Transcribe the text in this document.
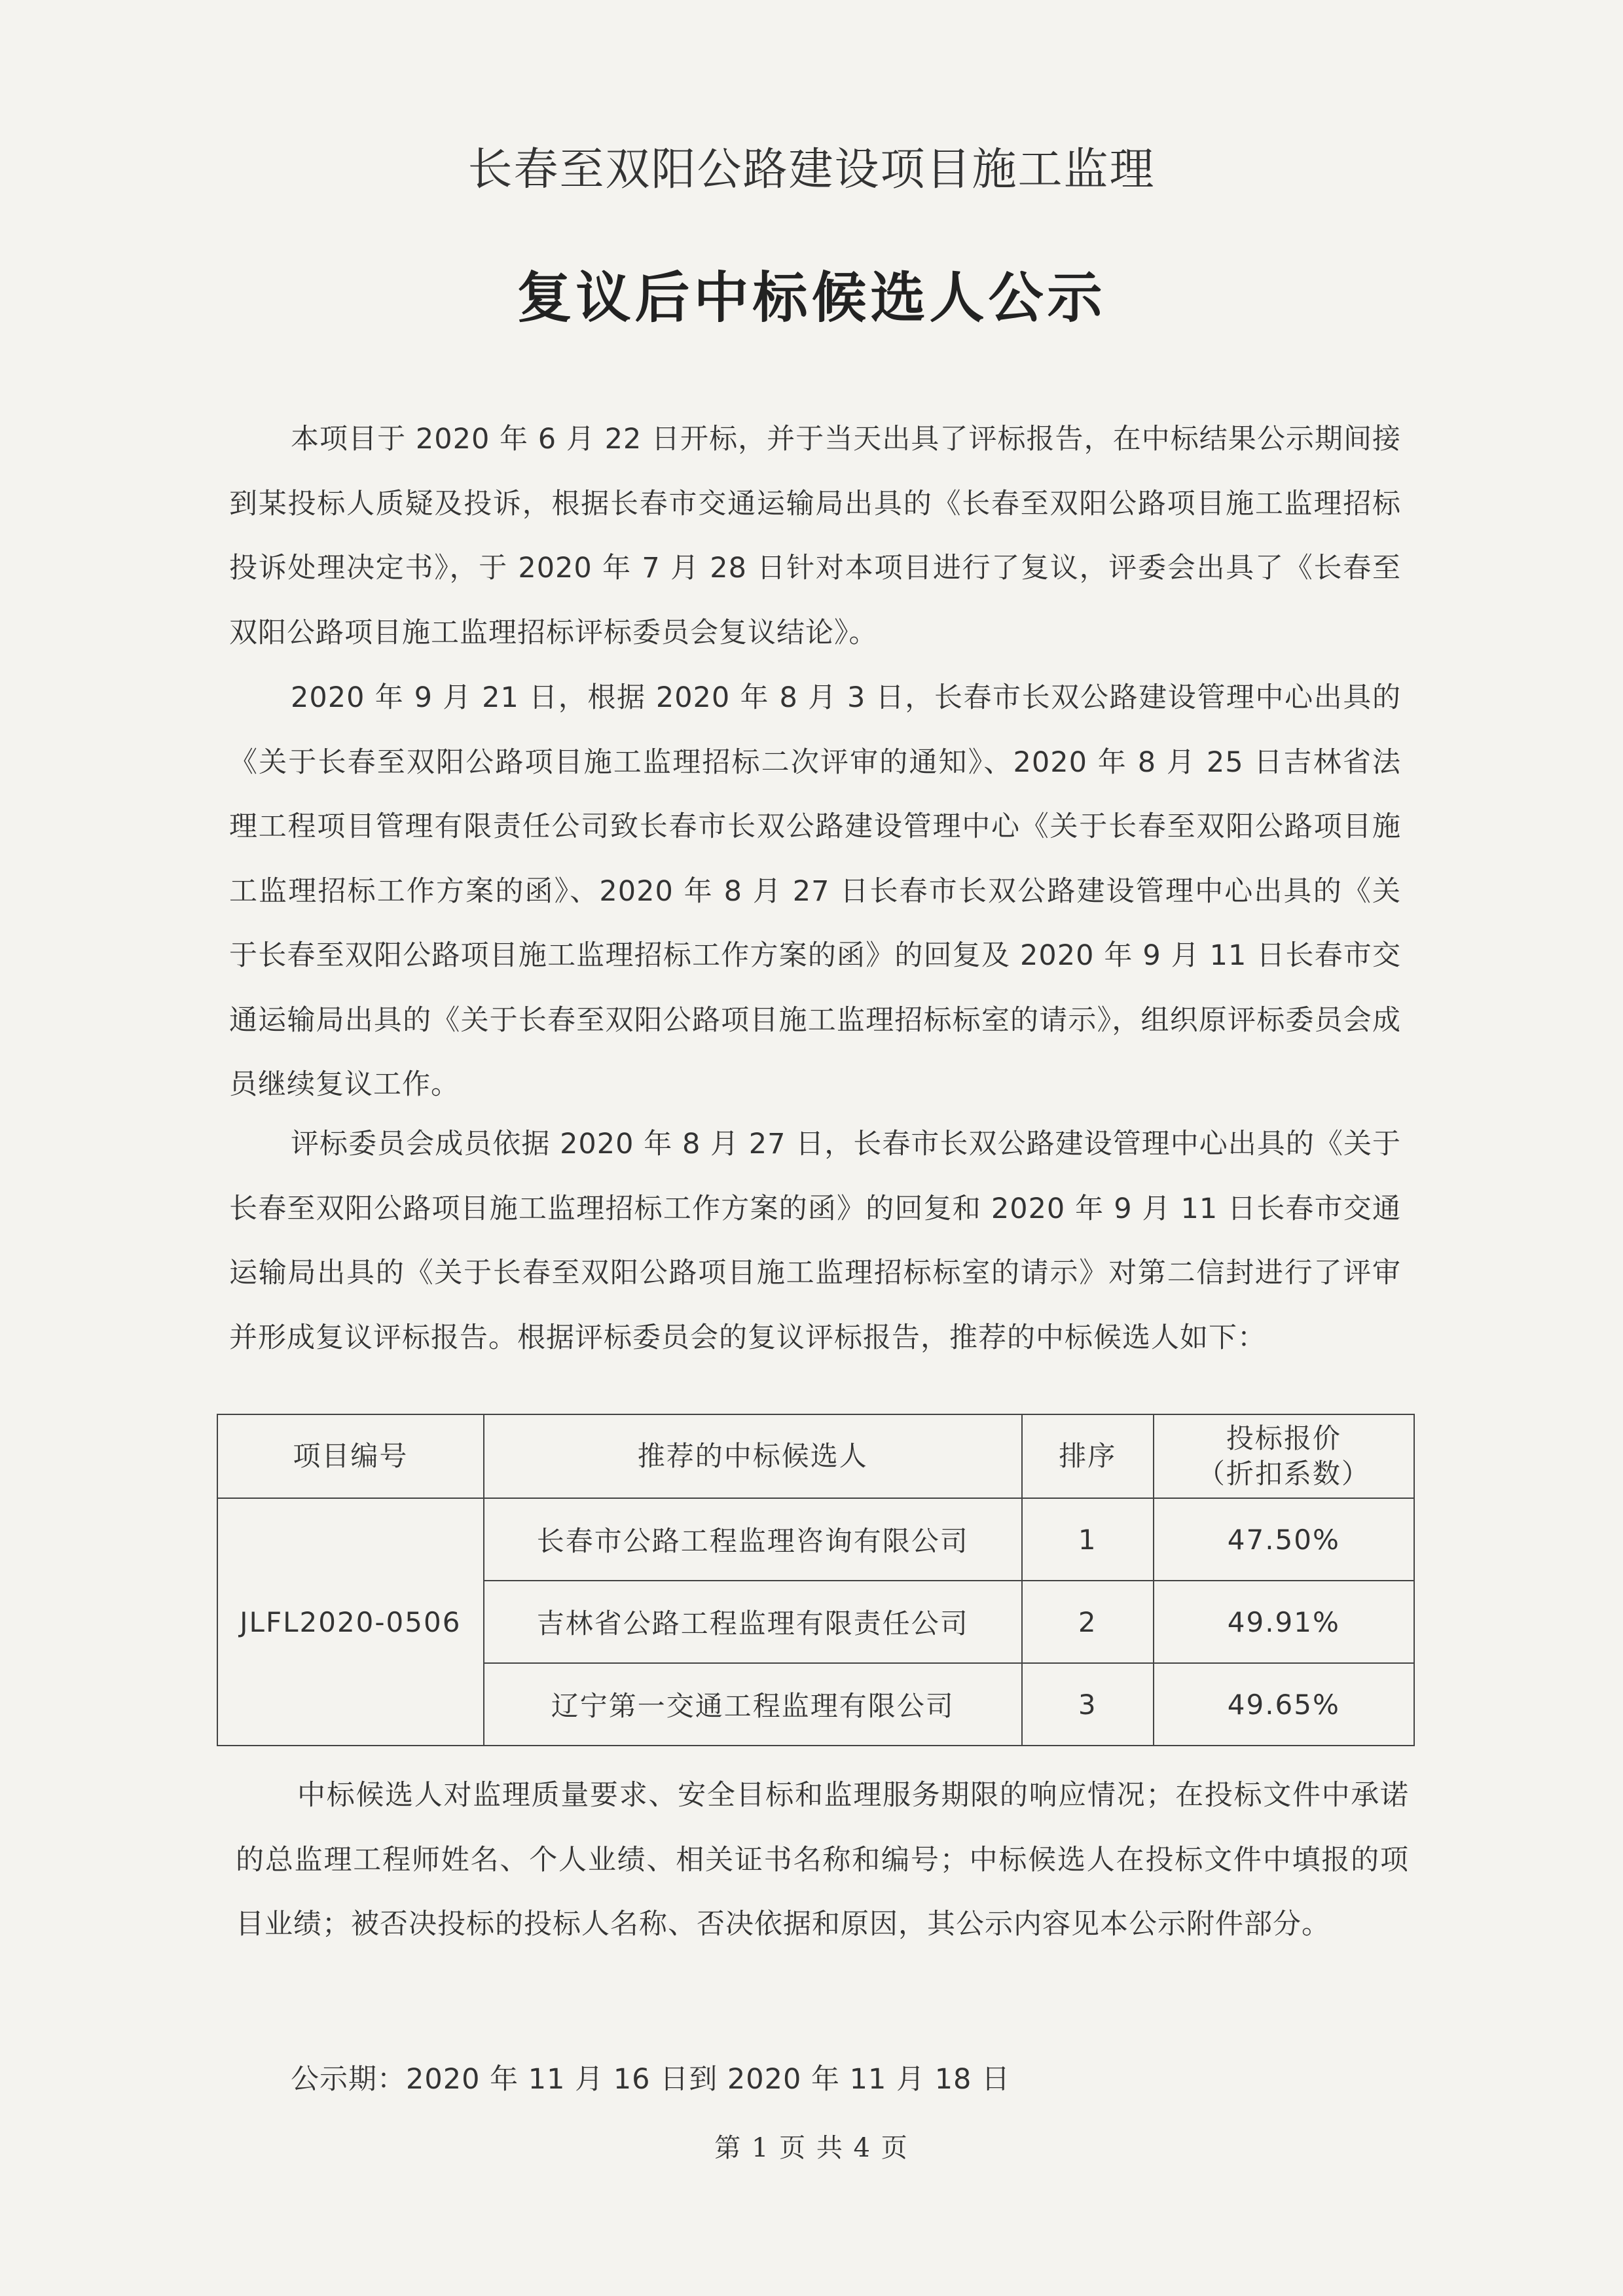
长春至双阳公路建设项目施工监理
复议后中标候选人公示

本项目于 2020 年 6 月 22 日开标，并于当天出具了评标报告，在中标结果公示期间接到某投标人质疑及投诉，根据长春市交通运输局出具的《长春至双阳公路项目施工监理招标投诉处理决定书》，于 2020 年 7 月 28 日针对本项目进行了复议，评委会出具了《长春至双阳公路项目施工监理招标评标委员会复议结论》。

2020 年 9 月 21 日，根据 2020 年 8 月 3 日，长春市长双公路建设管理中心出具的《关于长春至双阳公路项目施工监理招标二次评审的通知》、2020 年 8 月 25 日吉林省法理工程项目管理有限责任公司致长春市长双公路建设管理中心《关于长春至双阳公路项目施工监理招标工作方案的函》、2020 年 8 月 27 日长春市长双公路建设管理中心出具的《关于长春至双阳公路项目施工监理招标工作方案的函》的回复及 2020 年 9 月 11 日长春市交通运输局出具的《关于长春至双阳公路项目施工监理招标标室的请示》，组织原评标委员会成员继续复议工作。

评标委员会成员依据 2020 年 8 月 27 日，长春市长双公路建设管理中心出具的《关于长春至双阳公路项目施工监理招标工作方案的函》的回复和 2020 年 9 月 11 日长春市交通运输局出具的《关于长春至双阳公路项目施工监理招标标室的请示》对第二信封进行了评审并形成复议评标报告。根据评标委员会的复议评标报告，推荐的中标候选人如下：

项目编号	推荐的中标候选人	排序	投标报价
（折扣系数）

JLFL2020-0506	长春市公路工程监理咨询有限公司	1	47.50%
	吉林省公路工程监理有限责任公司	2	49.91%
	辽宁第一交通工程监理有限公司	3	49.65%

中标候选人对监理质量要求、安全目标和监理服务期限的响应情况；在投标文件中承诺的总监理工程师姓名、个人业绩、相关证书名称和编号；中标候选人在投标文件中填报的项目业绩；被否决投标的投标人名称、否决依据和原因，其公示内容见本公示附件部分。

公示期：2020 年 11 月 16 日到 2020 年 11 月 18 日

第 1 页 共 4 页
